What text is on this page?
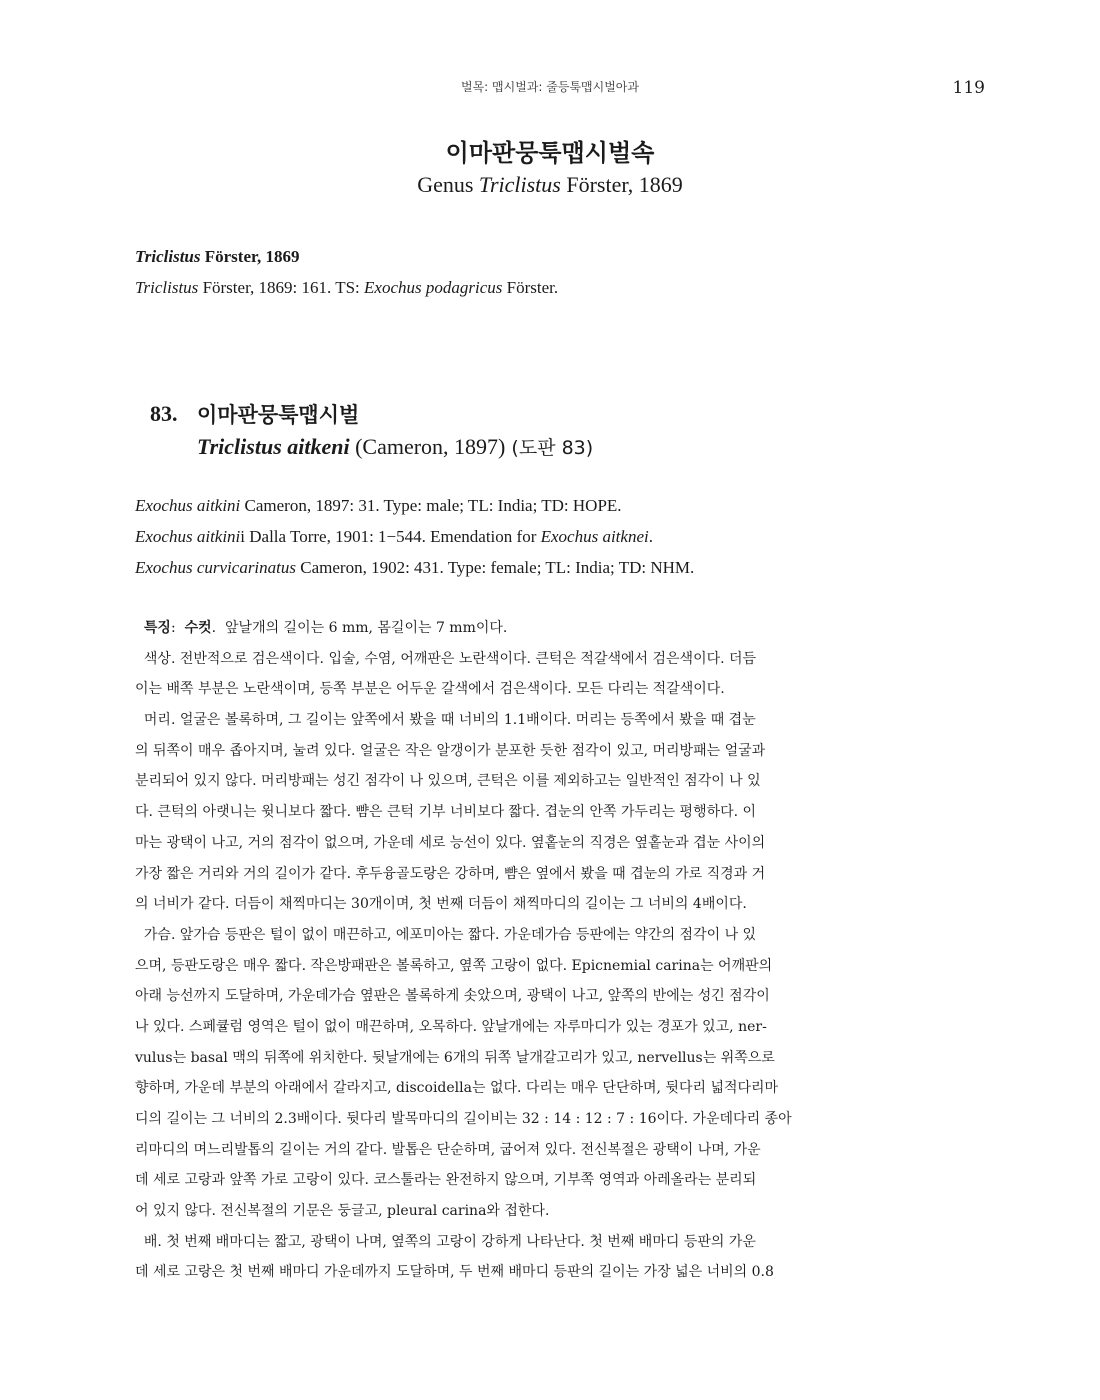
벌목: 맵시벌과: 줄등툭맵시벌아과	119
이마판뭉툭맵시벌속
Genus Triclistus Förster, 1869
Triclistus Förster, 1869
Triclistus Förster, 1869: 161. TS: Exochus podagricus Förster.
83. 이마판뭉툭맵시벌
Triclistus aitkeni (Cameron, 1897) (도판 83)
Exochus aitkini Cameron, 1897: 31. Type: male; TL: India; TD: HOPE.
Exochus aitkinii Dalla Torre, 1901: 1−544. Emendation for Exochus aitknei.
Exochus curvicarinatus Cameron, 1902: 431. Type: female; TL: India; TD: NHM.
특징:  수컷.  앞날개의 길이는 6 mm, 몸길이는 7 mm이다.
색상. 전반적으로 검은색이다. 입술, 수염, 어깨판은 노란색이다. 큰턱은 적갈색에서 검은색이다. 더듬
이는 배쪽 부분은 노란색이며, 등쪽 부분은 어두운 갈색에서 검은색이다. 모든 다리는 적갈색이다.
머리. 얼굴은 볼록하며, 그 길이는 앞쪽에서 봤을 때 너비의 1.1배이다. 머리는 등쪽에서 봤을 때 겹눈
의 뒤쪽이 매우 좁아지며, 눌려 있다. 얼굴은 작은 알갱이가 분포한 듯한 점각이 있고, 머리방패는 얼굴과
분리되어 있지 않다. 머리방패는 성긴 점각이 나 있으며, 큰턱은 이를 제외하고는 일반적인 점각이 나 있
다. 큰턱의 아랫니는 윗니보다 짧다. 뺨은 큰턱 기부 너비보다 짧다. 겹눈의 안쪽 가두리는 평행하다. 이
마는 광택이 나고, 거의 점각이 없으며, 가운데 세로 능선이 있다. 옆홑눈의 직경은 옆홑눈과 겹눈 사이의
가장 짧은 거리와 거의 길이가 같다. 후두융골도랑은 강하며, 뺨은 옆에서 봤을 때 겹눈의 가로 직경과 거
의 너비가 같다. 더듬이 채찍마디는 30개이며, 첫 번째 더듬이 채찍마디의 길이는 그 너비의 4배이다.
가슴. 앞가슴 등판은 털이 없이 매끈하고, 에포미아는 짧다. 가운데가슴 등판에는 약간의 점각이 나 있
으며, 등판도랑은 매우 짧다. 작은방패판은 볼록하고, 옆쪽 고랑이 없다. Epicnemial carina는 어깨판의
아래 능선까지 도달하며, 가운데가슴 옆판은 볼록하게 솟았으며, 광택이 나고, 앞쪽의 반에는 성긴 점각이
나 있다. 스페큘럼 영역은 털이 없이 매끈하며, 오목하다. 앞날개에는 자루마디가 있는 경포가 있고, ner-
vulus는 basal 맥의 뒤쪽에 위치한다. 뒷날개에는 6개의 뒤쪽 날개갈고리가 있고, nervellus는 위쪽으로
향하며, 가운데 부분의 아래에서 갈라지고, discoidella는 없다. 다리는 매우 단단하며, 뒷다리 넓적다리마
디의 길이는 그 너비의 2.3배이다. 뒷다리 발목마디의 길이비는 32 : 14 : 12 : 7 : 16이다. 가운데다리 종아
리마디의 며느리발톱의 길이는 거의 같다. 발톱은 단순하며, 굽어져 있다. 전신복절은 광택이 나며, 가운
데 세로 고랑과 앞쪽 가로 고랑이 있다. 코스툴라는 완전하지 않으며, 기부쪽 영역과 아레올라는 분리되
어 있지 않다. 전신복절의 기문은 둥글고, pleural carina와 접한다.
배. 첫 번째 배마디는 짧고, 광택이 나며, 옆쪽의 고랑이 강하게 나타난다. 첫 번째 배마디 등판의 가운
데 세로 고랑은 첫 번째 배마디 가운데까지 도달하며, 두 번째 배마디 등판의 길이는 가장 넓은 너비의 0.8
